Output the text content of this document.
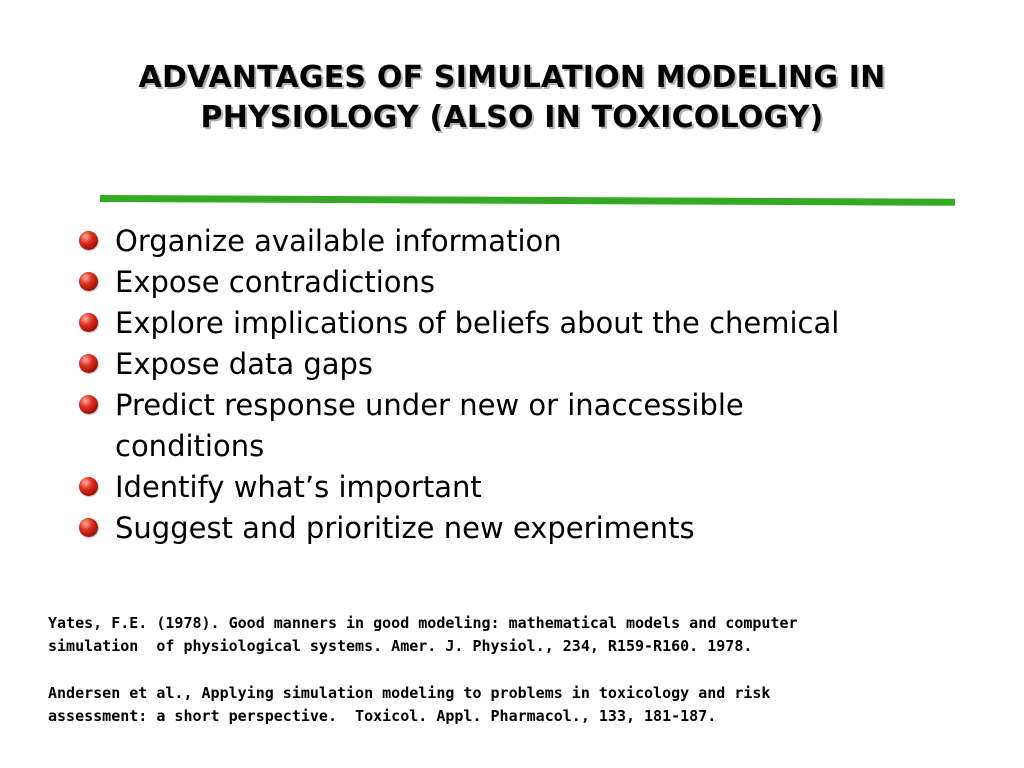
ADVANTAGES OF SIMULATION MODELING IN
PHYSIOLOGY (ALSO IN TOXICOLOGY)
Organize available information
Expose contradictions
Explore implications of beliefs about the chemical
Expose data gaps
Predict response under new or inaccessible
conditions
Identify what’s important
Suggest and prioritize new experiments

Yates, F.E. (1978). Good manners in good modeling: mathematical models and computer
simulation  of physiological systems. Amer. J. Physiol., 234, R159-R160. 1978.

Andersen et al., Applying simulation modeling to problems in toxicology and risk
assessment: a short perspective.  Toxicol. Appl. Pharmacol., 133, 181-187.
